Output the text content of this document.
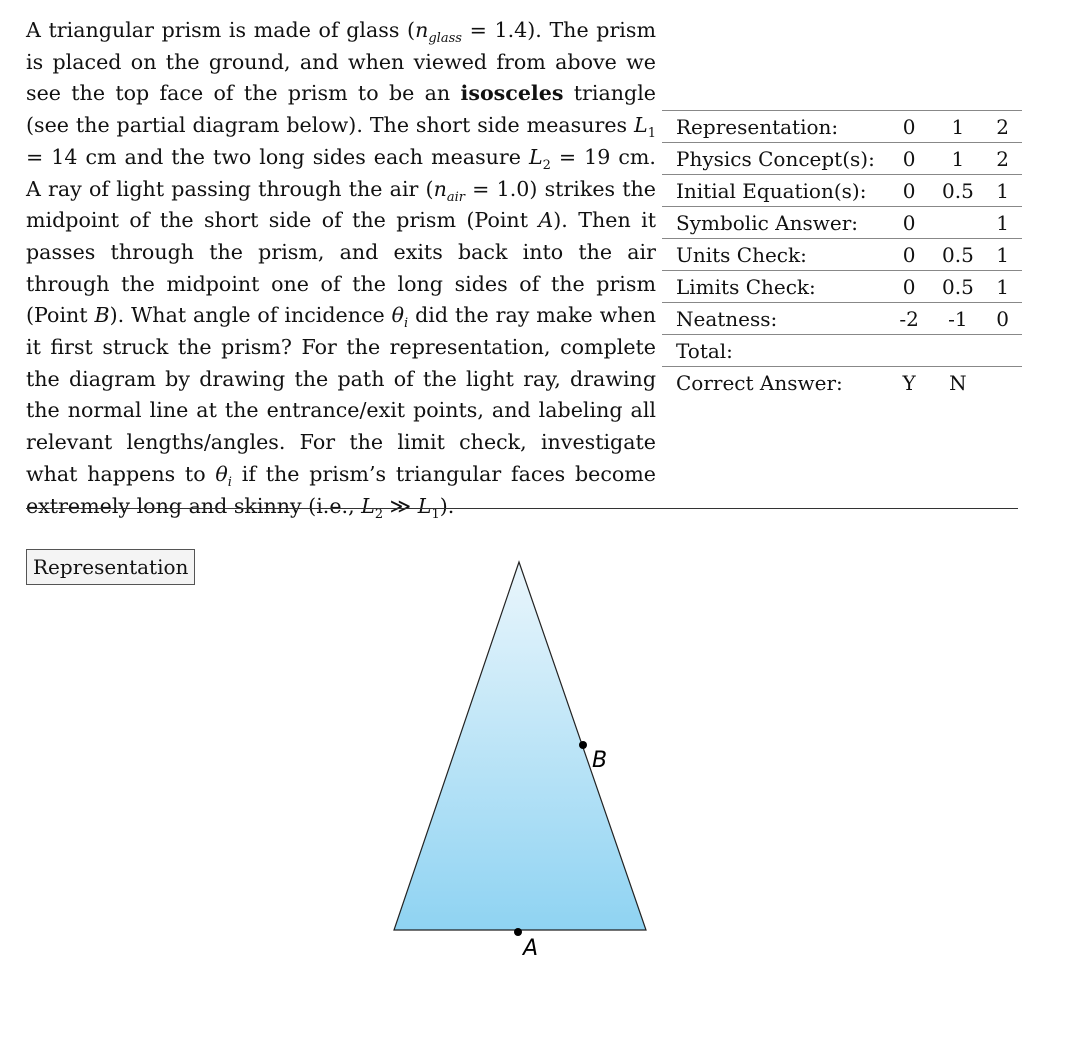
A triangular prism is made of glass $(n_{glass} = 1.4)$. The prism is placed on the ground, and when viewed from above we see the top face of the prism to be an isosceles triangle (see the partial diagram below). The short side measures $L_1 = 14$ cm and the two long sides each measure $L_2 = 19$ cm. A ray of light passing through the air $(n_{air} = 1.0)$ strikes the midpoint of the short side of the prism (Point A). Then it passes through the prism, and exits back into the air through the midpoint one of the long sides of the prism (Point B). What angle of incidence $\theta_i$ did the ray make when it first struck the prism? For the representation, complete the diagram by drawing the path of the light ray, drawing the normal line at the entrance/exit points, and labeling all relevant lengths/angles. For the limit check, investigate what happens to $\theta_i$ if the prism’s triangular faces become extremely long and skinny (i.e., $L_2$ ≫ $L_1$).
Representation:	0	1	2
Physics Concept(s):	0	1	2
Initial Equation(s):	0	0.5	1
Symbolic Answer:	0		1
Units Check:	0	0.5	1
Limits Check:	0	0.5	1
Neatness:	-2	-1	0
Total:			
Correct Answer:	Y	N	
Representation
B
A
